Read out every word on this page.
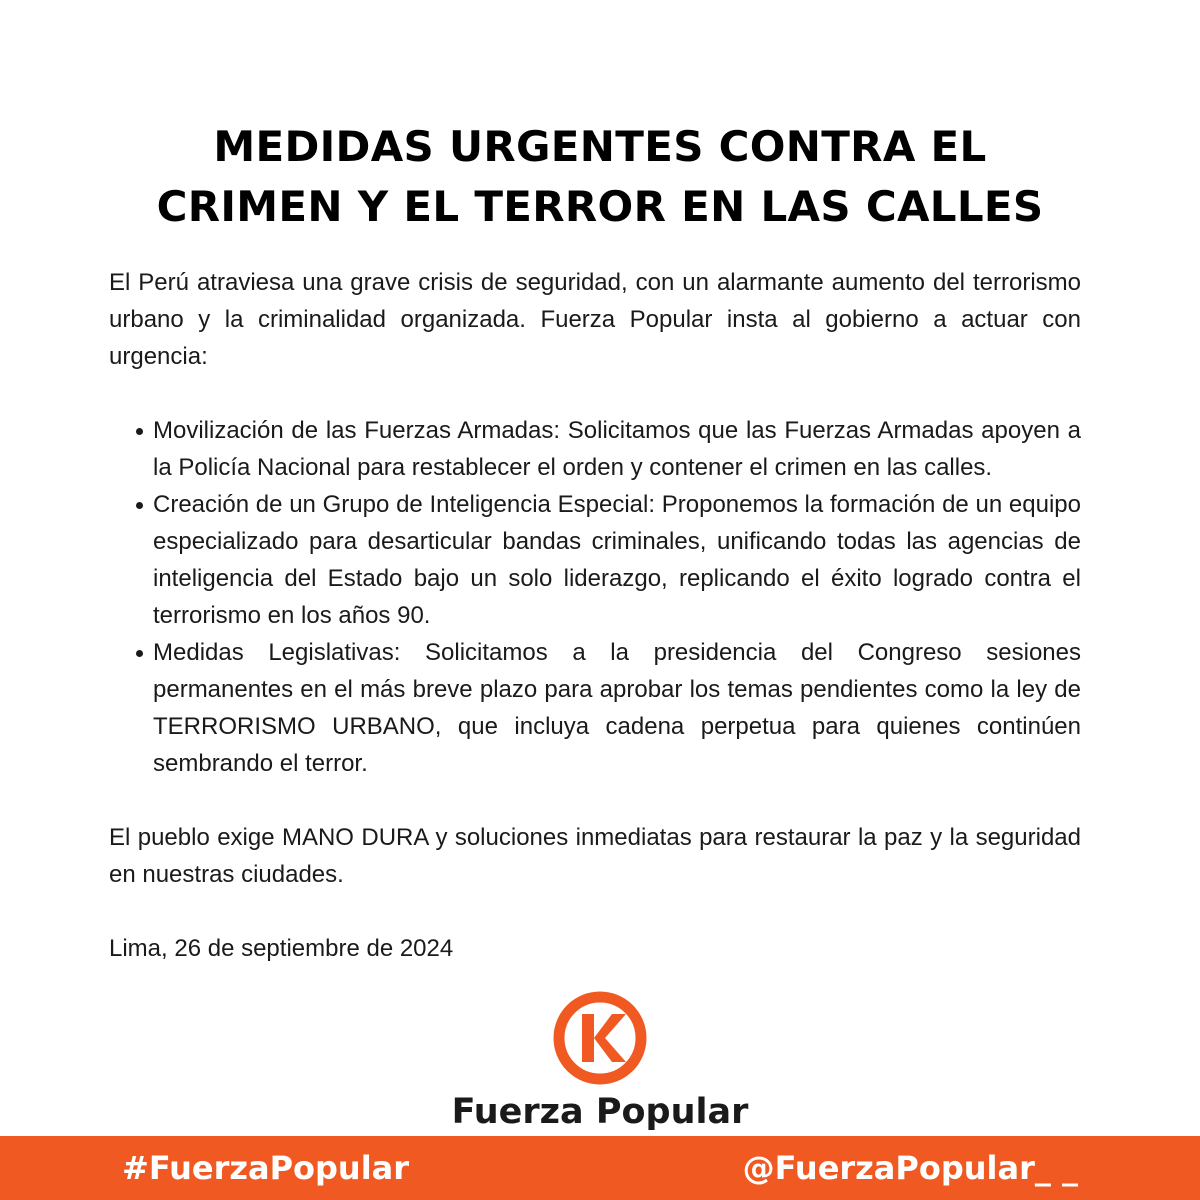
MEDIDAS URGENTES CONTRA EL
CRIMEN Y EL TERROR EN LAS CALLES

El Perú atraviesa una grave crisis de seguridad, con un alarmante aumento del terrorismo urbano y la criminalidad organizada. Fuerza Popular insta al gobierno a actuar con urgencia:

Movilización de las Fuerzas Armadas: Solicitamos que las Fuerzas Armadas apoyen a la Policía Nacional para restablecer el orden y contener el crimen en las calles.
Creación de un Grupo de Inteligencia Especial: Proponemos la formación de un equipo especializado para desarticular bandas criminales, unificando todas las agencias de inteligencia del Estado bajo un solo liderazgo, replicando el éxito logrado contra el terrorismo en los años 90.
Medidas Legislativas: Solicitamos a la presidencia del Congreso sesiones permanentes en el más breve plazo para aprobar los temas pendientes como la ley de TERRORISMO URBANO, que incluya cadena perpetua para quienes continúen sembrando el terror.

El pueblo exige MANO DURA y soluciones inmediatas para restaurar la paz y la seguridad en nuestras ciudades.

Lima, 26 de septiembre de 2024

Fuerza Popular
#FuerzaPopular	@FuerzaPopular_ _
